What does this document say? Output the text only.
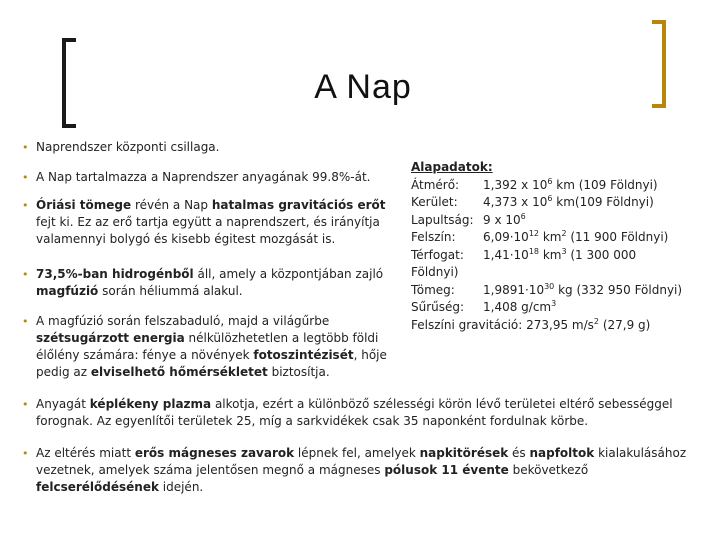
A Nap
• Naprendszer központi csillaga.
• A Nap tartalmazza a Naprendszer anyagának 99.8%-át.
• Óriási tömege révén a Nap hatalmas gravitációs erőt
fejt ki. Ez az erő tartja együtt a naprendszert, és irányítja
valamennyi bolygó és kisebb égitest mozgását is.
• 73,5%-ban hidrogénből áll, amely a központjában zajló
magfúzió során héliummá alakul.
• A magfúzió során felszabaduló, majd a világűrbe
szétsugárzott energia nélkülözhetetlen a legtöbb földi
élőlény számára: fénye a növények fotoszintézisét, hője
pedig az elviselhető hőmérsékletet biztosítja.
Alapadatok:
Átmérő: 1,392 x $10^6$ km (109 Földnyi)
Kerület: 4,373 x $10^6$ km(109 Földnyi)
Lapultság: 9 x $10^6$
Felszín: $6,09\cdot 10^{12}$ $km^2$ (11 900 Földnyi)
Térfogat: $1,41\cdot 10^{18}$ $km^3$ (1 300 000
Földnyi)
Tömeg: $1,9891\cdot 10^{30}$ kg (332 950 Földnyi)
Sűrűség: 1,408 $g/cm^3$
Felszíni gravitáció: 273,95 $m/s^2$ (27,9 g)
• Anyagát képlékeny plazma alkotja, ezért a különböző szélességi körön lévő területei eltérő sebességgel
forognak. Az egyenlítői területek 25, míg a sarkvidékek csak 35 naponként fordulnak körbe.
• Az eltérés miatt erős mágneses zavarok lépnek fel, amelyek napkitörések és napfoltok kialakulásához
vezetnek, amelyek száma jelentősen megnő a mágneses pólusok 11 évente bekövetkező
felcserélődésének idején.
